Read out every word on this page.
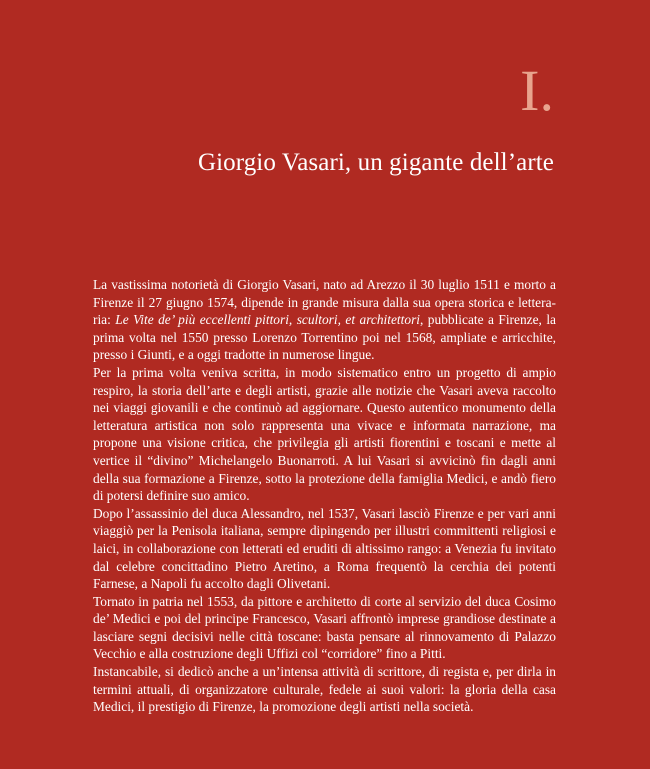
I.
Giorgio Vasari, un gigante dell’arte

La vastissima notorietà di Giorgio Vasari, nato ad Arezzo il 30 luglio 1511 e morto a Firenze il 27 giugno 1574, dipende in grande misura dalla sua opera storica e letteraria: Le Vite de’ più eccellenti pittori, scultori, et architettori, pubblicate a Firenze, la prima volta nel 1550 presso Lorenzo Torrentino poi nel 1568, ampliate e arricchite, presso i Giunti, e a oggi tradotte in numerose lingue.

Per la prima volta veniva scritta, in modo sistematico entro un progetto di ampio respiro, la storia dell’arte e degli artisti, grazie alle notizie che Vasari aveva raccolto nei viaggi giovanili e che continuò ad aggiornare. Questo autentico monumento della letteratura artistica non solo rappresenta una vivace e informata narrazione, ma propone una visione critica, che privilegia gli artisti fiorentini e toscani e mette al vertice il “divino” Michelangelo Buonarroti. A lui Vasari si avvicinò fin dagli anni della sua formazione a Firenze, sotto la protezione della famiglia Medici, e andò fiero di potersi definire suo amico.

Dopo l’assassinio del duca Alessandro, nel 1537, Vasari lasciò Firenze e per vari anni viaggiò per la Penisola italiana, sempre dipingendo per illustri committenti religiosi e laici, in collaborazione con letterati ed eruditi di altissimo rango: a Venezia fu invitato dal celebre concittadino Pietro Aretino, a Roma frequentò la cerchia dei potenti Farnese, a Napoli fu accolto dagli Olivetani.

Tornato in patria nel 1553, da pittore e architetto di corte al servizio del duca Cosimo de’ Medici e poi del principe Francesco, Vasari affrontò imprese grandiose destinate a lasciare segni decisivi nelle città toscane: basta pensare al rinnovamento di Palazzo Vecchio e alla costruzione degli Uffizi col “corridore” fino a Pitti.

Instancabile, si dedicò anche a un’intensa attività di scrittore, di regista e, per dirla in termini attuali, di organizzatore culturale, fedele ai suoi valori: la gloria della casa Medici, il prestigio di Firenze, la promozione degli artisti nella società.
